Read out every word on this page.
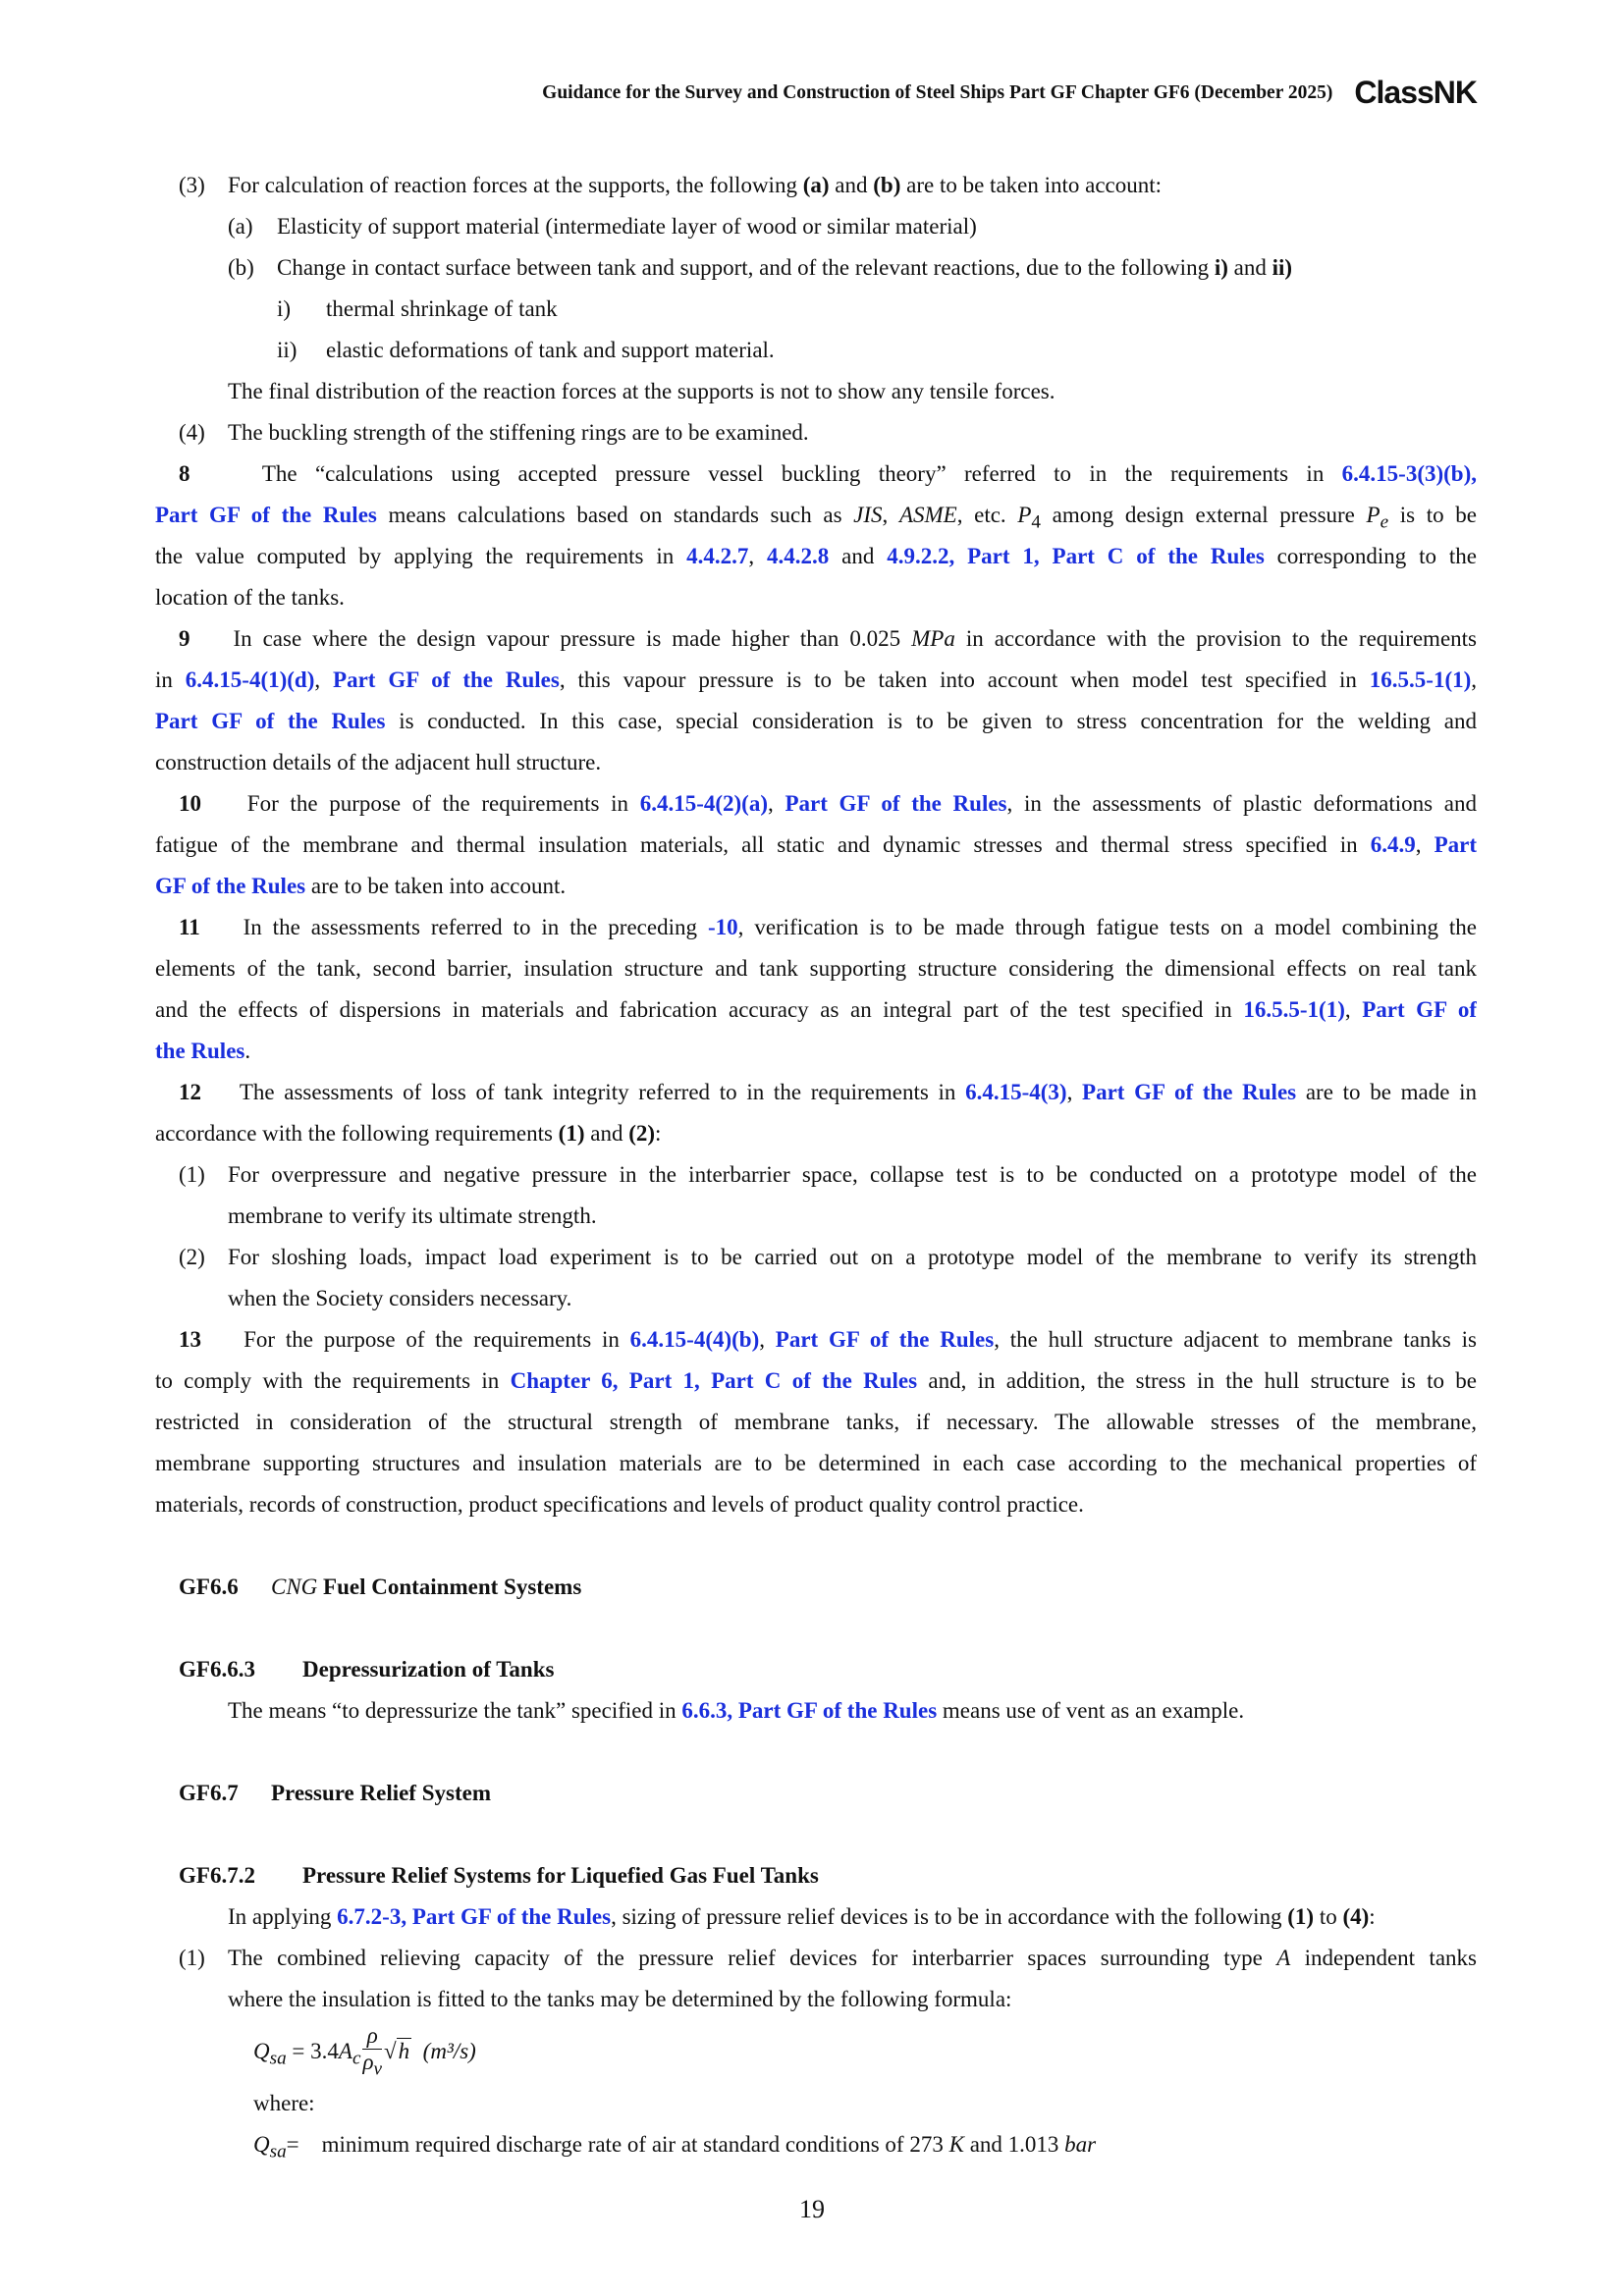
Guidance for the Survey and Construction of Steel Ships Part GF Chapter GF6 (December 2025) ClassNK
(3) For calculation of reaction forces at the supports, the following (a) and (b) are to be taken into account:
(a) Elasticity of support material (intermediate layer of wood or similar material)
(b) Change in contact surface between tank and support, and of the relevant reactions, due to the following i) and ii)
i) thermal shrinkage of tank
ii) elastic deformations of tank and support material.
The final distribution of the reaction forces at the supports is not to show any tensile forces.
(4) The buckling strength of the stiffening rings are to be examined.
8	The “calculations using accepted pressure vessel buckling theory” referred to in the requirements in 6.4.15-3(3)(b),
Part GF of the Rules means calculations based on standards such as JIS, ASME, etc. $P_4$ among design external pressure $P_e$ is to be
the value computed by applying the requirements in 4.4.2.7, 4.4.2.8 and 4.9.2.2, Part 1, Part C of the Rules corresponding to the
location of the tanks.
9 In case where the design vapour pressure is made higher than 0.025 MPa in accordance with the provision to the requirements
in 6.4.15-4(1)(d), Part GF of the Rules, this vapour pressure is to be taken into account when model test specified in 16.5.5-1(1),
Part GF of the Rules is conducted. In this case, special consideration is to be given to stress concentration for the welding and
construction details of the adjacent hull structure.
10 For the purpose of the requirements in 6.4.15-4(2)(a), Part GF of the Rules, in the assessments of plastic deformations and
fatigue of the membrane and thermal insulation materials, all static and dynamic stresses and thermal stress specified in 6.4.9, Part
GF of the Rules are to be taken into account.
11 In the assessments referred to in the preceding -10, verification is to be made through fatigue tests on a model combining the
elements of the tank, second barrier, insulation structure and tank supporting structure considering the dimensional effects on real tank
and the effects of dispersions in materials and fabrication accuracy as an integral part of the test specified in 16.5.5-1(1), Part GF of
the Rules.
12 The assessments of loss of tank integrity referred to in the requirements in 6.4.15-4(3), Part GF of the Rules are to be made in
accordance with the following requirements (1) and (2):
(1) For overpressure and negative pressure in the interbarrier space, collapse test is to be conducted on a prototype model of the
membrane to verify its ultimate strength.
(2) For sloshing loads, impact load experiment is to be carried out on a prototype model of the membrane to verify its strength
when the Society considers necessary.
13 For the purpose of the requirements in 6.4.15-4(4)(b), Part GF of the Rules, the hull structure adjacent to membrane tanks is
to comply with the requirements in Chapter 6, Part 1, Part C of the Rules and, in addition, the stress in the hull structure is to be
restricted in consideration of the structural strength of membrane tanks, if necessary. The allowable stresses of the membrane,
membrane supporting structures and insulation materials are to be determined in each case according to the mechanical properties of
materials, records of construction, product specifications and levels of product quality control practice.
GF6.6 CNG Fuel Containment Systems
GF6.6.3 Depressurization of Tanks
The means “to depressurize the tank” specified in 6.6.3, Part GF of the Rules means use of vent as an example.
GF6.7 Pressure Relief System
GF6.7.2 Pressure Relief Systems for Liquefied Gas Fuel Tanks
In applying 6.7.2-3, Part GF of the Rules, sizing of pressure relief devices is to be in accordance with the following (1) to (4):
(1) The combined relieving capacity of the pressure relief devices for interbarrier spaces surrounding type A independent tanks
where the insulation is fitted to the tanks may be determined by the following formula:
$Q_{sa} = 3.4A_c \frac{\rho}{\rho_v} √h$ (m³/s)
where:
$Q_{sa}=$ minimum required discharge rate of air at standard conditions of 273 K and 1.013 bar
19
